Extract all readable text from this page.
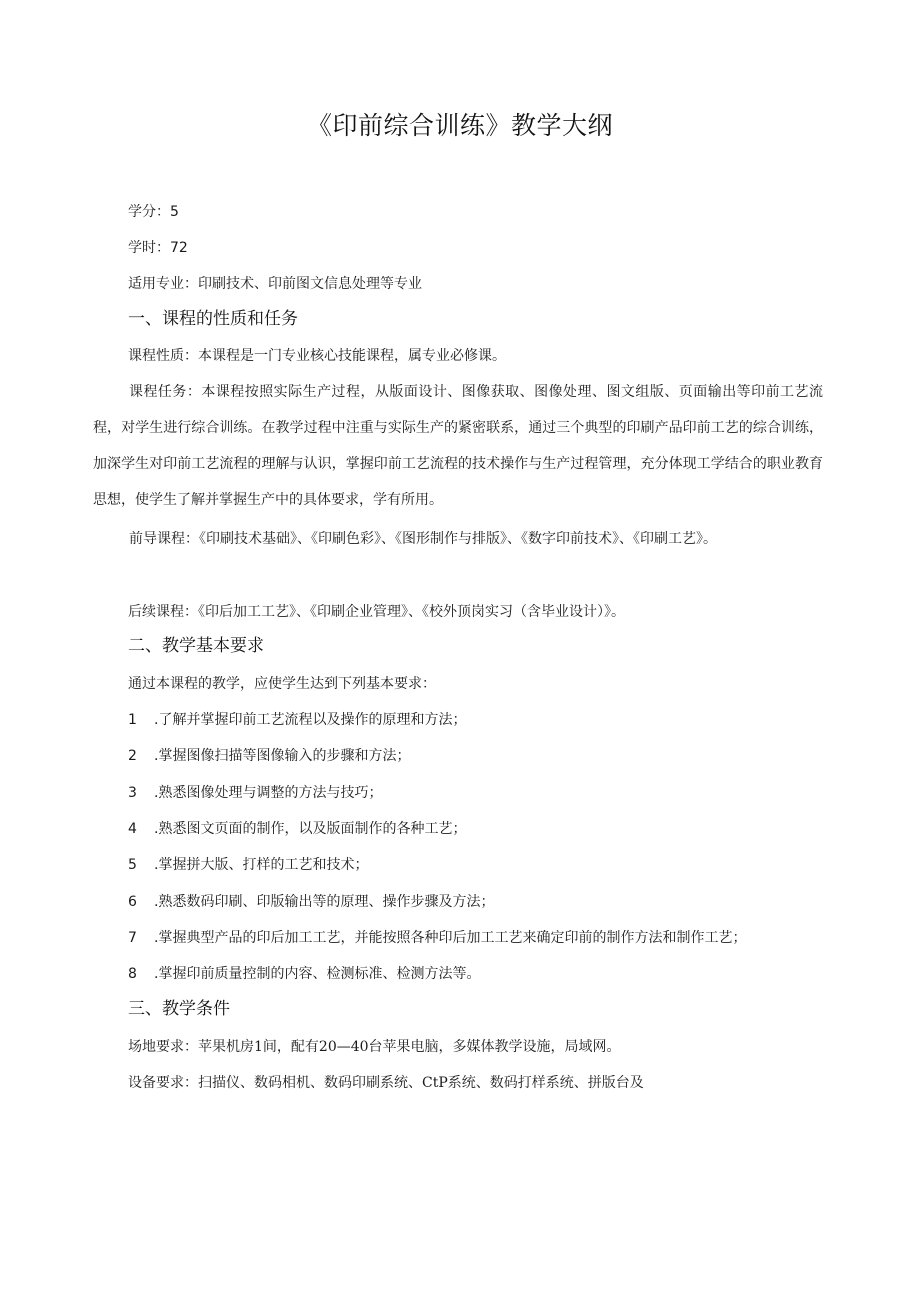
《印前综合训练》教学大纲
学分：5
学时：72
适用专业：印刷技术、印前图文信息处理等专业
一、课程的性质和任务
课程性质：本课程是一门专业核心技能课程，属专业必修课。
课程任务：本课程按照实际生产过程，从版面设计、图像获取、图像处理、图文组版、页面输出等印前工艺流程，对学生进行综合训练。在教学过程中注重与实际生产的紧密联系，通过三个典型的印刷产品印前工艺的综合训练，加深学生对印前工艺流程的理解与认识，掌握印前工艺流程的技术操作与生产过程管理，充分体现工学结合的职业教育思想，使学生了解并掌握生产中的具体要求，学有所用。
前导课程：《印刷技术基础》、《印刷色彩》、《图形制作与排版》、《数字印前技术》、《印刷工艺》。
后续课程：《印后加工工艺》、《印刷企业管理》、《校外顶岗实习（含毕业设计）》。
二、教学基本要求
通过本课程的教学，应使学生达到下列基本要求：
1 .了解并掌握印前工艺流程以及操作的原理和方法；
2 .掌握图像扫描等图像输入的步骤和方法；
3 .熟悉图像处理与调整的方法与技巧；
4 .熟悉图文页面的制作，以及版面制作的各种工艺；
5 .掌握拼大版、打样的工艺和技术；
6 .熟悉数码印刷、印版输出等的原理、操作步骤及方法；
7 .掌握典型产品的印后加工工艺，并能按照各种印后加工工艺来确定印前的制作方法和制作工艺；
8 .掌握印前质量控制的内容、检测标准、检测方法等。
三、教学条件
场地要求：苹果机房1间，配有20—40台苹果电脑，多媒体教学设施，局域网。
设备要求：扫描仪、数码相机、数码印刷系统、CtP系统、数码打样系统、拼版台及
